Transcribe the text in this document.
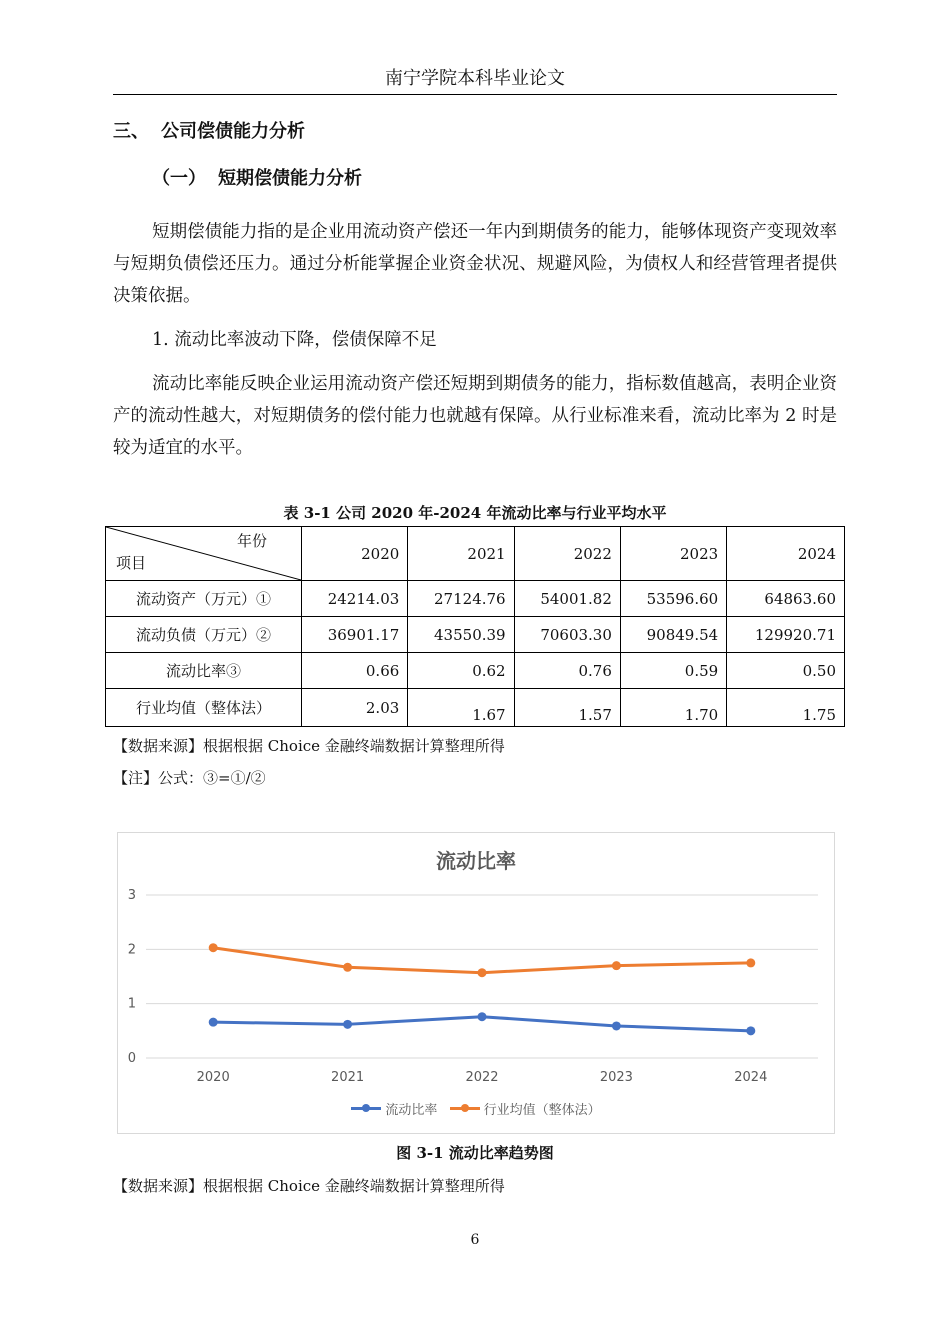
南宁学院本科毕业论文
三、 公司偿债能力分析
（一） 短期偿债能力分析
短期偿债能力指的是企业用流动资产偿还一年内到期债务的能力，能够体现资产变现效率与短期负债偿还压力。通过分析能掌握企业资金状况、规避风险，为债权人和经营管理者提供决策依据。
1. 流动比率波动下降，偿债保障不足
流动比率能反映企业运用流动资产偿还短期到期债务的能力，指标数值越高，表明企业资产的流动性越大，对短期债务的偿付能力也就越有保障。从行业标准来看，流动比率为 2 时是较为适宜的水平。
表 3-1 公司 2020 年-2024 年流动比率与行业平均水平
年份
项目	2020	2021	2022	2023	2024
流动资产（万元）①	24214.03	27124.76	54001.82	53596.60	64863.60
流动负债（万元）②	36901.17	43550.39	70603.30	90849.54	129920.71
流动比率③	0.66	0.62	0.76	0.59	0.50
行业均值（整体法）	2.03	1.67	1.57	1.70	1.75
【数据来源】根据根据 Choice 金融终端数据计算整理所得
【注】公式：③=①/②
流动比率
0
1
2
3
2020	2021	2022	2023	2024
流动比率
	行业均值（整体法）
图 3-1 流动比率趋势图
【数据来源】根据根据 Choice 金融终端数据计算整理所得
6
